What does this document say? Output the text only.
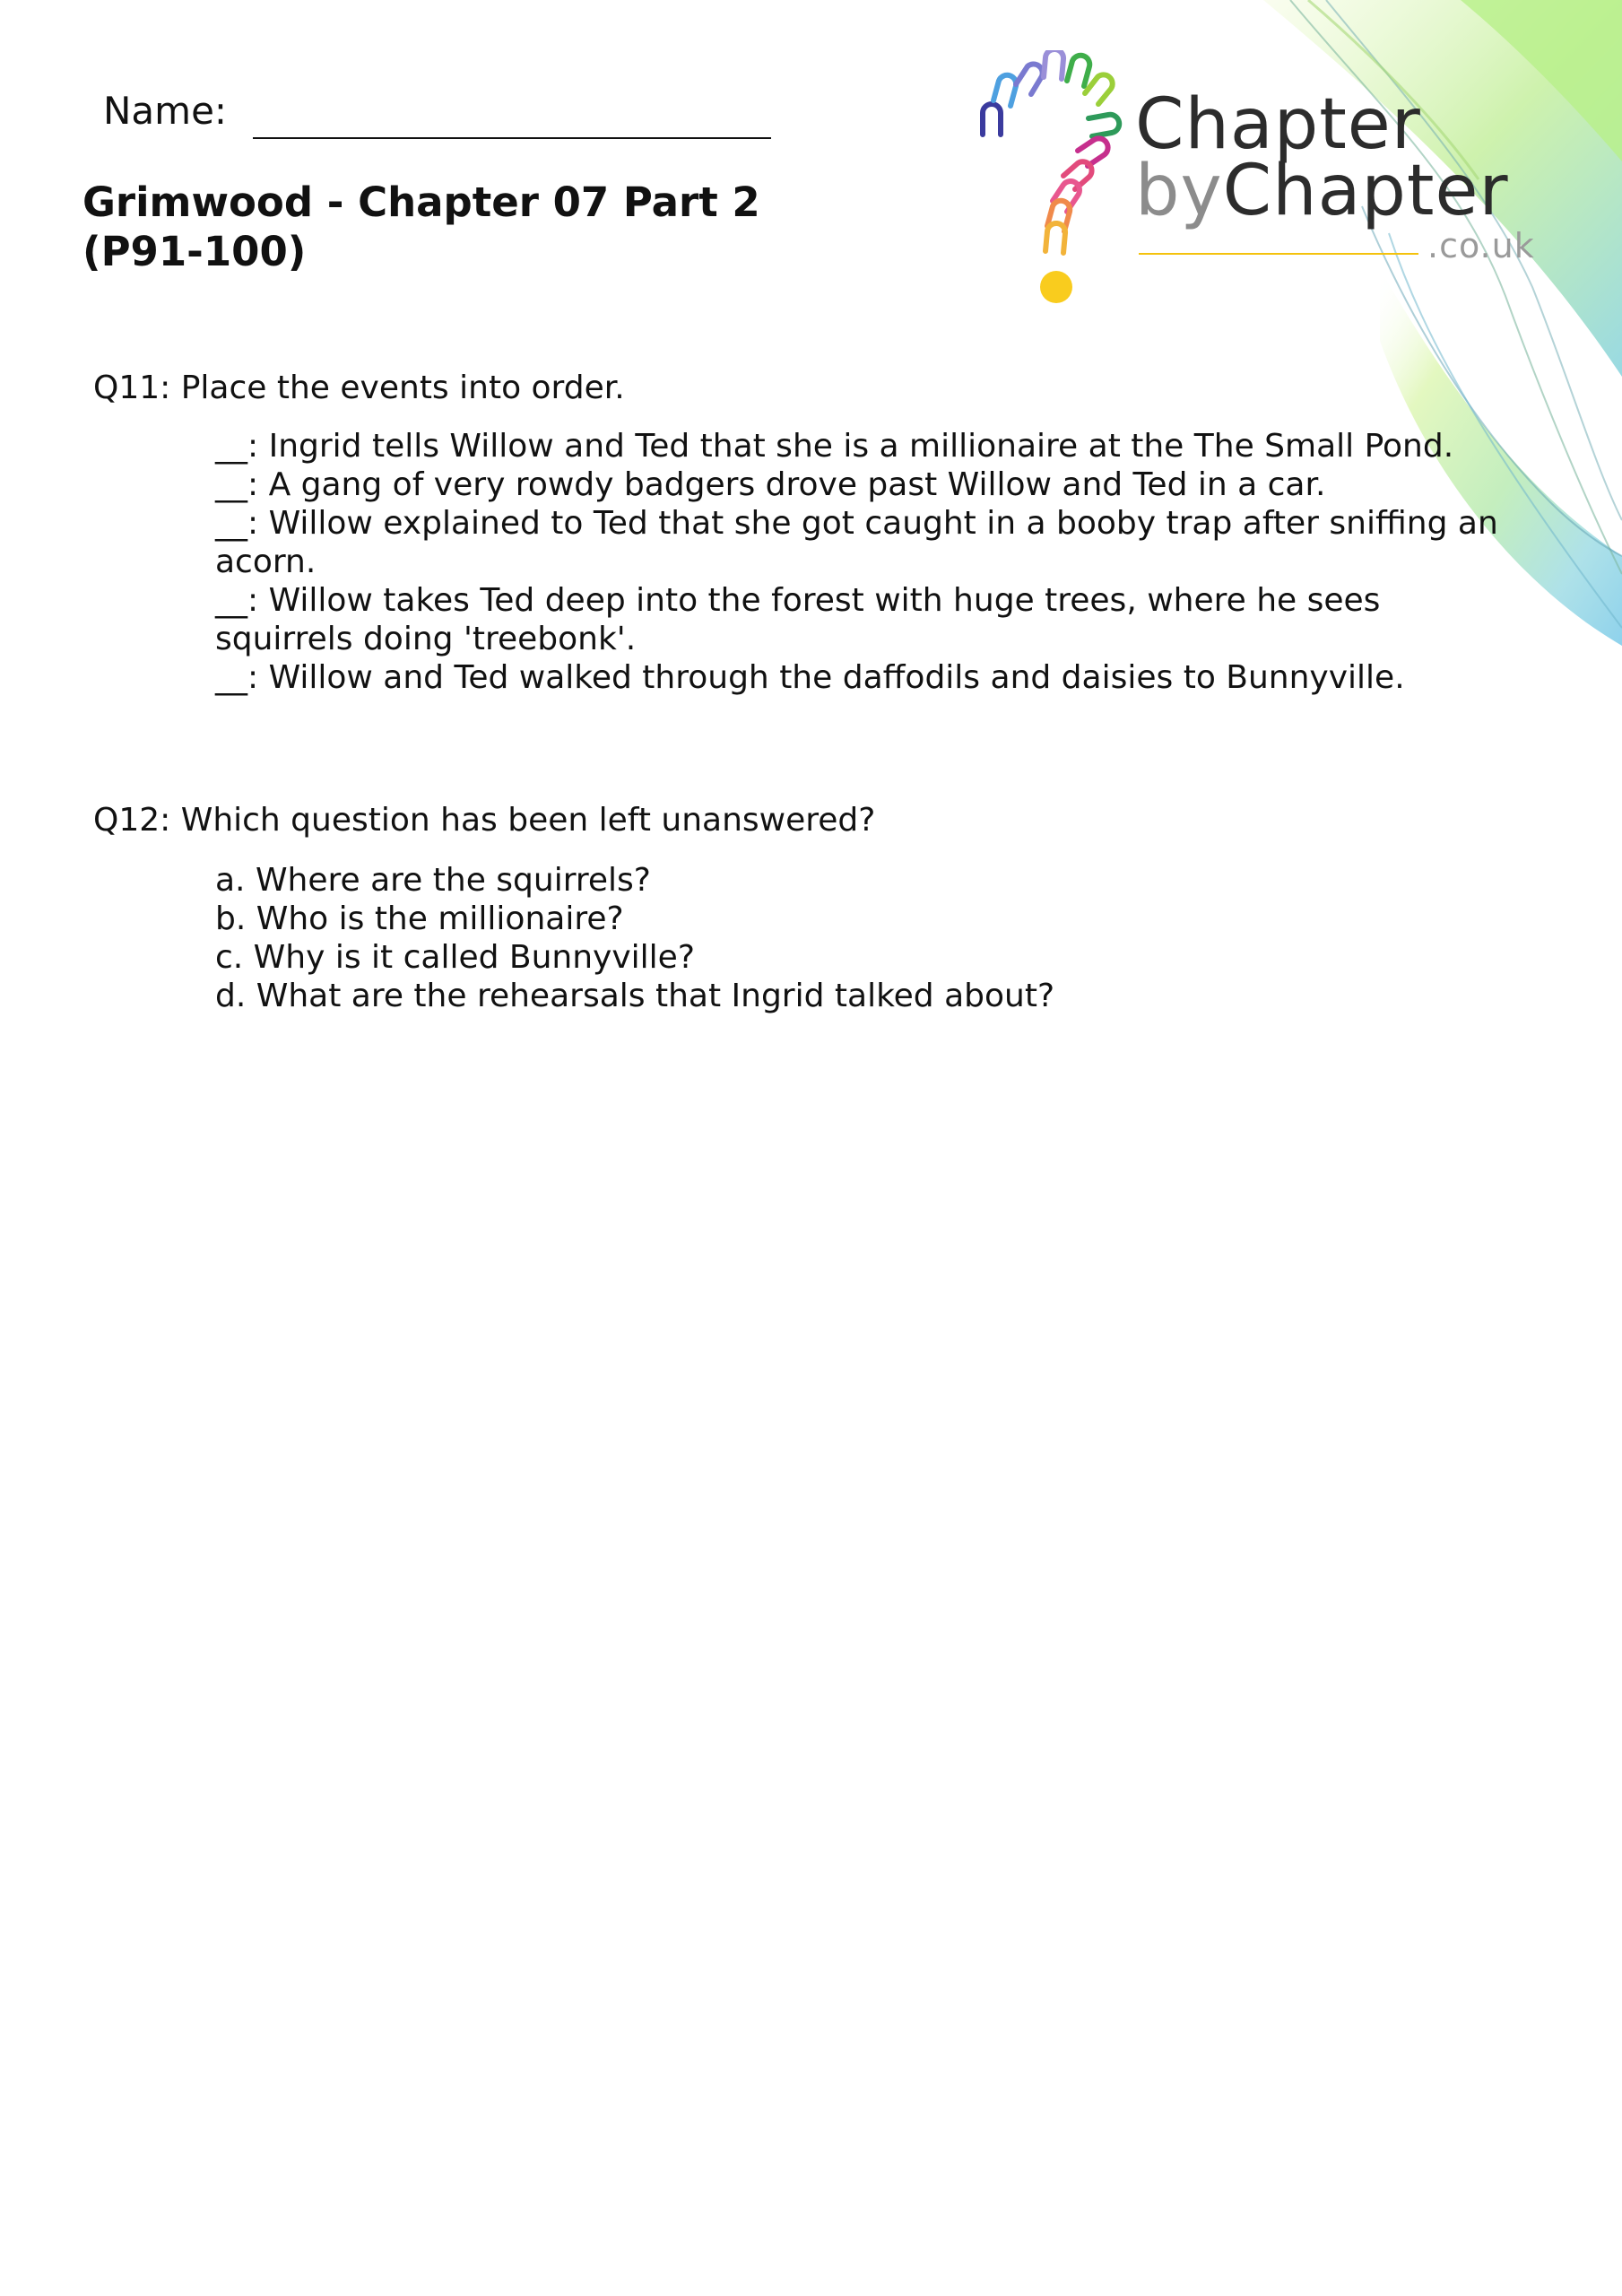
Name:
Grimwood - Chapter 07 Part 2 (P91-100)
Chapter
byChapter
.co.uk

Q11: Place the events into order.

__: Ingrid tells Willow and Ted that she is a millionaire at the The Small Pond.
__: A gang of very rowdy badgers drove past Willow and Ted in a car.
__: Willow explained to Ted that she got caught in a booby trap after sniffing an acorn.
__: Willow takes Ted deep into the forest with huge trees, where he sees squirrels doing 'treebonk'.
__: Willow and Ted walked through the daffodils and daisies to Bunnyville.

Q12: Which question has been left unanswered?

a. Where are the squirrels?
b. Who is the millionaire?
c. Why is it called Bunnyville?
d. What are the rehearsals that Ingrid talked about?
